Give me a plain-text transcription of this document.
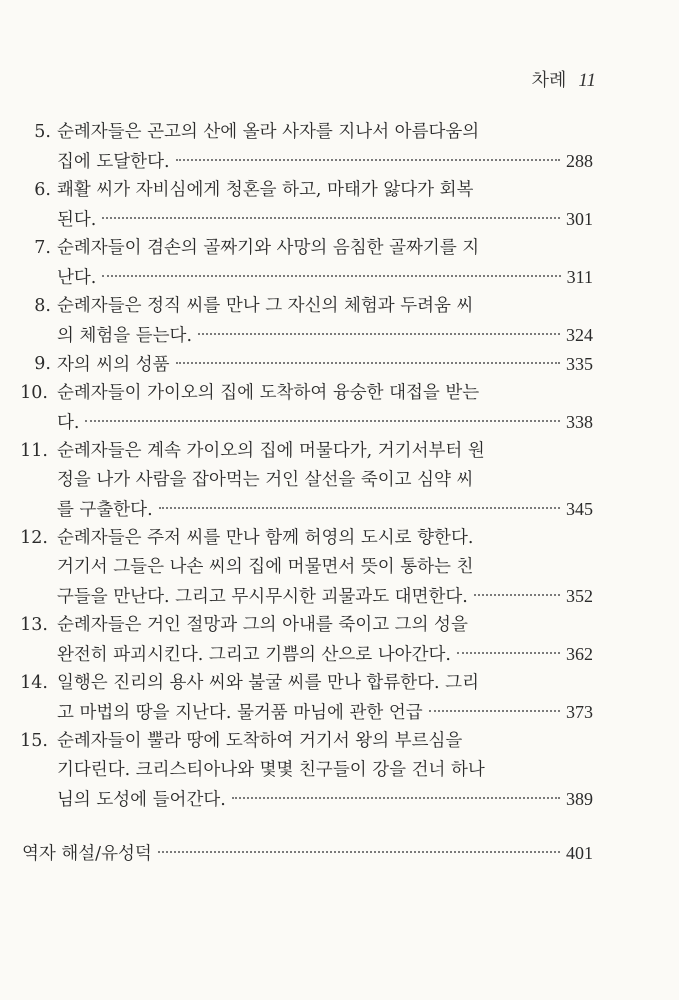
차례 11
5. 순례자들은 곤고의 산에 올라 사자를 지나서 아름다움의
집에 도달한다.	288
6. 쾌활 씨가 자비심에게 청혼을 하고, 마태가 앓다가 회복
된다.	301
7. 순례자들이 겸손의 골짜기와 사망의 음침한 골짜기를 지
난다.	311
8. 순례자들은 정직 씨를 만나 그 자신의 체험과 두려움 씨
의 체험을 듣는다.	324
9. 자의 씨의 성품	335
10. 순례자들이 가이오의 집에 도착하여 융숭한 대접을 받는
다.	338
11. 순례자들은 계속 가이오의 집에 머물다가, 거기서부터 원
정을 나가 사람을 잡아먹는 거인 살선을 죽이고 심약 씨
를 구출한다.	345
12. 순례자들은 주저 씨를 만나 함께 허영의 도시로 향한다.
거기서 그들은 나손 씨의 집에 머물면서 뜻이 통하는 친
구들을 만난다. 그리고 무시무시한 괴물과도 대면한다.	352
13. 순례자들은 거인 절망과 그의 아내를 죽이고 그의 성을
완전히 파괴시킨다. 그리고 기쁨의 산으로 나아간다.	362
14. 일행은 진리의 용사 씨와 불굴 씨를 만나 합류한다. 그리
고 마법의 땅을 지난다. 물거품 마님에 관한 언급	373
15. 순례자들이 뿔라 땅에 도착하여 거기서 왕의 부르심을
기다린다. 크리스티아나와 몇몇 친구들이 강을 건너 하나
님의 도성에 들어간다.	389
역자 해설/유성덕	401
